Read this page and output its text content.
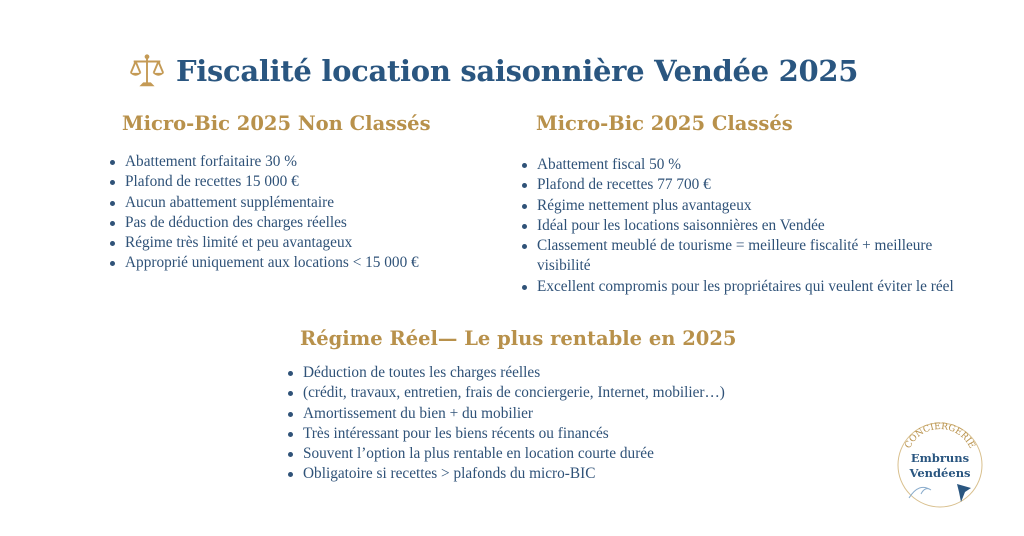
Fiscalité location saisonnière Vendée 2025
Micro-Bic 2025 Non Classés
Abattement forfaitaire 30 %
Plafond de recettes 15 000 €
Aucun abattement supplémentaire
Pas de déduction des charges réelles
Régime très limité et peu avantageux
Approprié uniquement aux locations < 15 000 €
Micro-Bic 2025 Classés
Abattement fiscal 50 %
Plafond de recettes 77 700 €
Régime nettement plus avantageux
Idéal pour les locations saisonnières en Vendée
Classement meublé de tourisme = meilleure fiscalité + meilleure visibilité
Excellent compromis pour les propriétaires qui veulent éviter le réel
Régime Réel— Le plus rentable en 2025
Déduction de toutes les charges réelles
(crédit, travaux, entretien, frais de conciergerie, Internet, mobilier…)
Amortissement du bien + du mobilier
Très intéressant pour les biens récents ou financés
Souvent l’option la plus rentable en location courte durée
Obligatoire si recettes > plafonds du micro-BIC
CONCIERGERIE
Embruns
Vendéens
